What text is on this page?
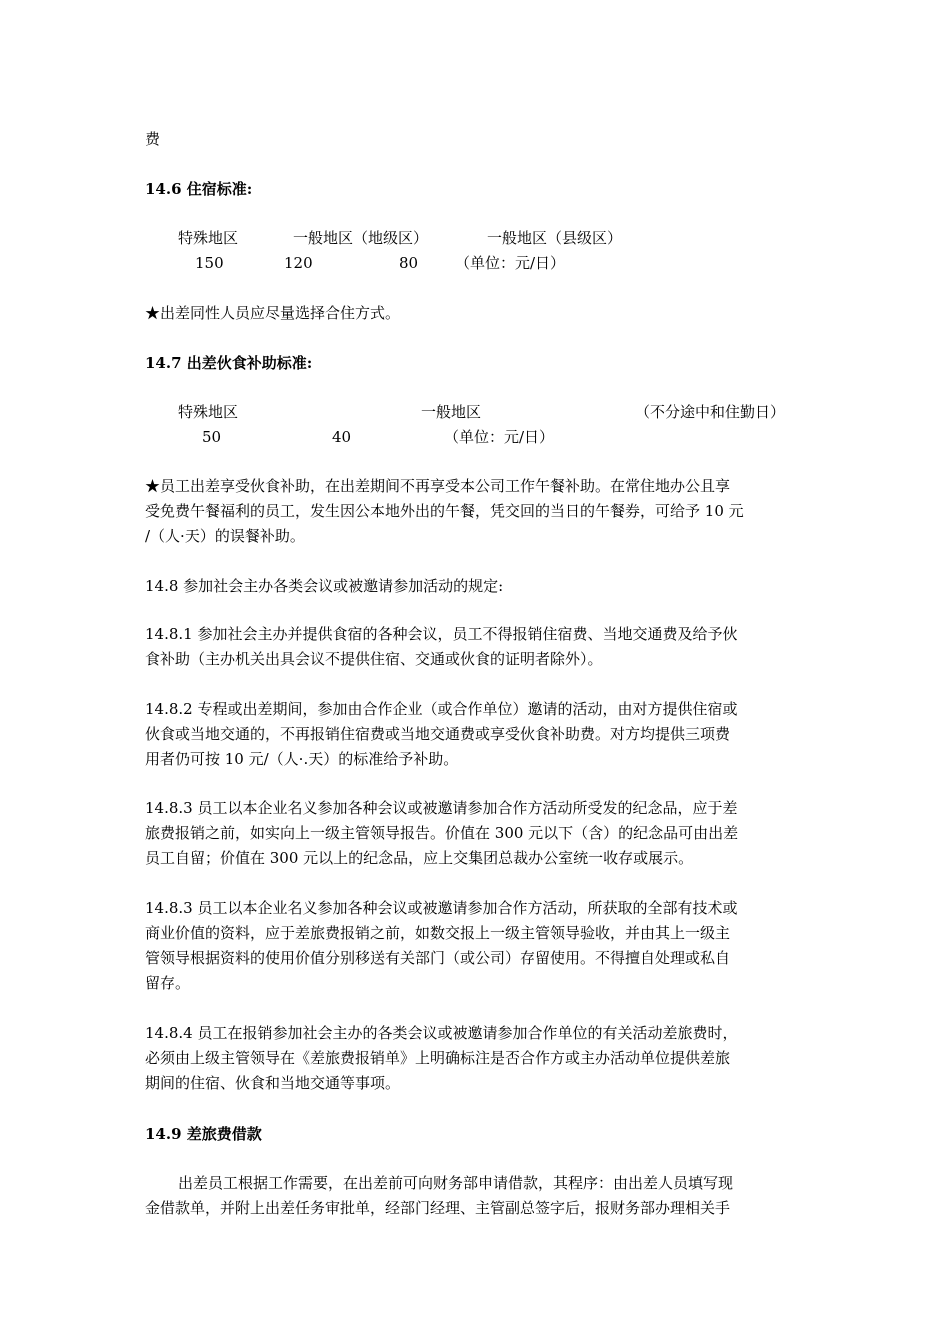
费
14.6 住宿标准:
特殊地区	一般地区（地级区）	一般地区（县级区）
150	120	80 （单位：元/日）
★出差同性人员应尽量选择合住方式。
14.7 出差伙食补助标准:
特殊地区	一般地区	（不分途中和住勤日）
50	40	（单位：元/日）
★员工出差享受伙食补助，在出差期间不再享受本公司工作午餐补助。在常住地办公且享
受免费午餐福利的员工，发生因公本地外出的午餐，凭交回的当日的午餐券，可给予 10 元
/（人·天）的误餐补助。
14.8 参加社会主办各类会议或被邀请参加活动的规定:
14.8.1 参加社会主办并提供食宿的各种会议，员工不得报销住宿费、当地交通费及给予伙
食补助（主办机关出具会议不提供住宿、交通或伙食的证明者除外）。
14.8.2 专程或出差期间，参加由合作企业（或合作单位）邀请的活动，由对方提供住宿或
伙食或当地交通的，不再报销住宿费或当地交通费或享受伙食补助费。对方均提供三项费
用者仍可按 10 元/（人·.天）的标准给予补助。
14.8.3 员工以本企业名义参加各种会议或被邀请参加合作方活动所受发的纪念品，应于差
旅费报销之前，如实向上一级主管领导报告。价值在 300 元以下（含）的纪念品可由出差
员工自留；价值在 300 元以上的纪念品，应上交集团总裁办公室统一收存或展示。
14.8.3 员工以本企业名义参加各种会议或被邀请参加合作方活动，所获取的全部有技术或
商业价值的资料，应于差旅费报销之前，如数交报上一级主管领导验收，并由其上一级主
管领导根据资料的使用价值分别移送有关部门（或公司）存留使用。不得擅自处理或私自
留存。
14.8.4 员工在报销参加社会主办的各类会议或被邀请参加合作单位的有关活动差旅费时，
必须由上级主管领导在《差旅费报销单》上明确标注是否合作方或主办活动单位提供差旅
期间的住宿、伙食和当地交通等事项。
14.9 差旅费借款
出差员工根据工作需要，在出差前可向财务部申请借款，其程序：由出差人员填写现
金借款单，并附上出差任务审批单，经部门经理、主管副总签字后，报财务部办理相关手
